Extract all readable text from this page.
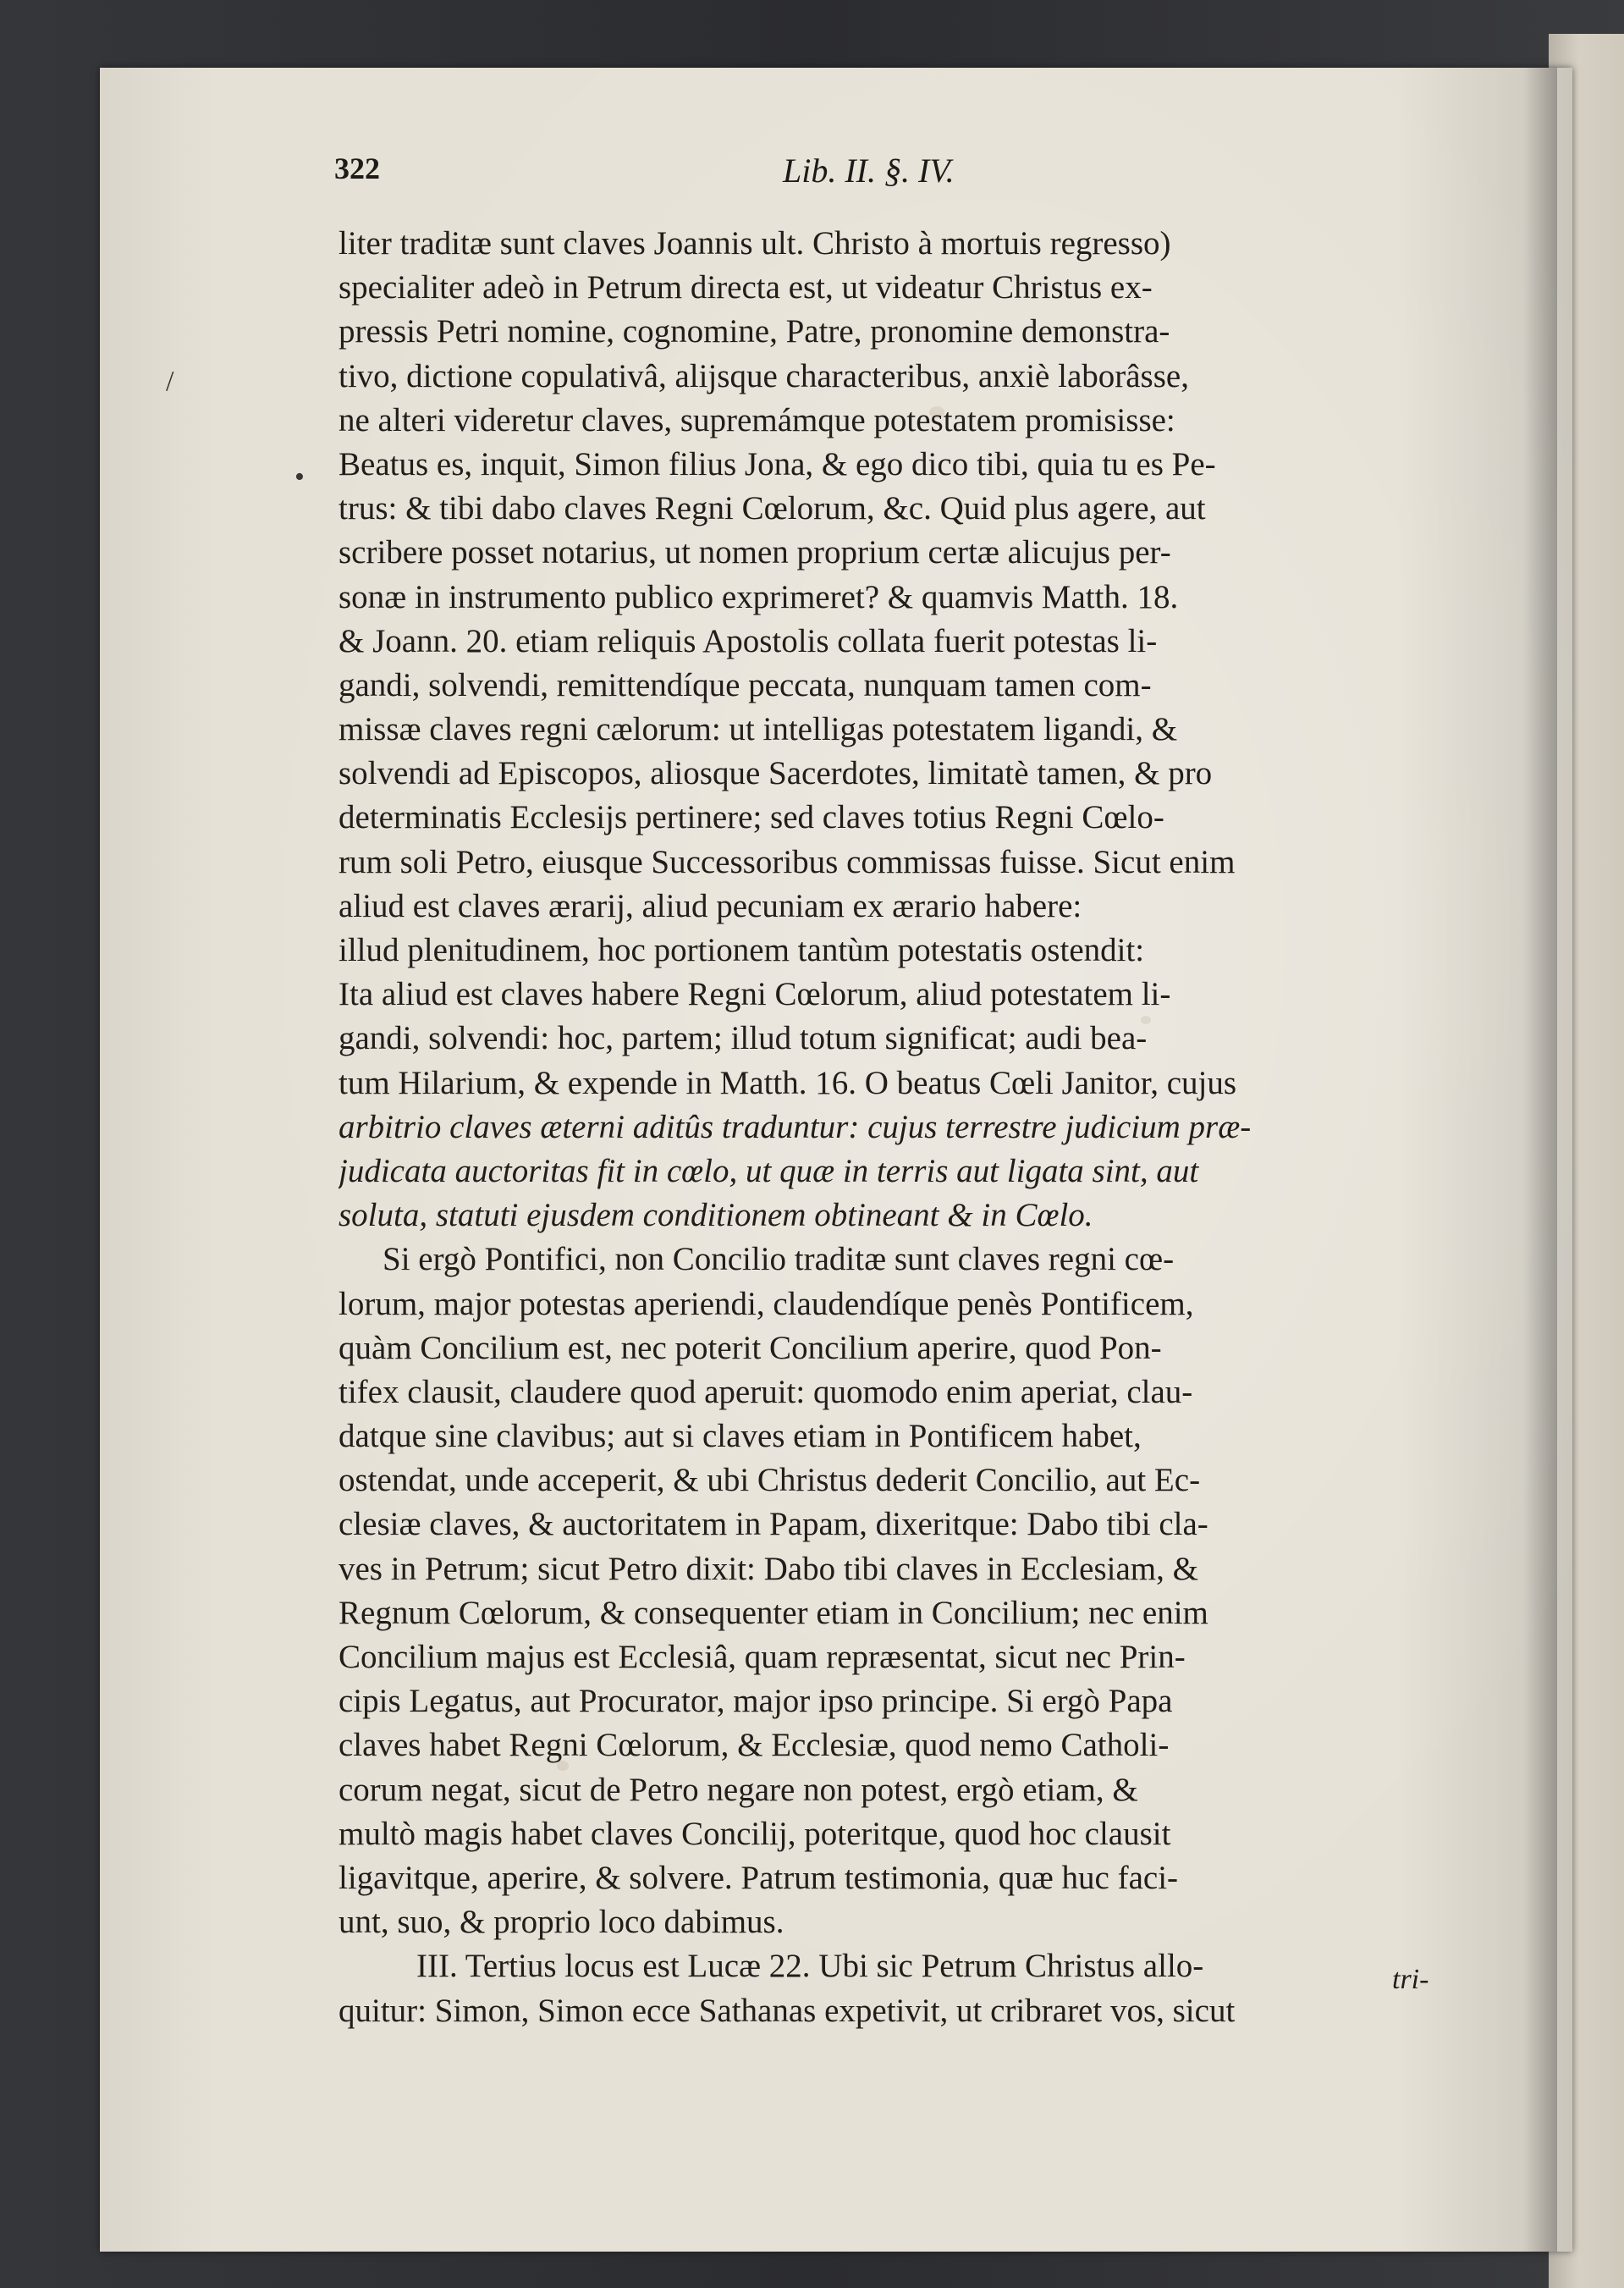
322	Lib. II. §. IV.
/
•
liter traditæ sunt claves Joannis ult. Christo à mortuis regresso)
specialiter adeò in Petrum directa est, ut videatur Christus ex-
pressis Petri nomine, cognomine, Patre, pronomine demonstra-
tivo, dictione copulativâ, alijsque characteribus, anxiè laborâsse,
ne alteri videretur claves, supremámque potestatem promisisse:
Beatus es, inquit, Simon filius Jona, & ego dico tibi, quia tu es Pe-
trus: & tibi dabo claves Regni Cœlorum, &c. Quid plus agere, aut
scribere posset notarius, ut nomen proprium certæ alicujus per-
sonæ in instrumento publico exprimeret? & quamvis Matth. 18.
& Joann. 20. etiam reliquis Apostolis collata fuerit potestas li-
gandi, solvendi, remittendíque peccata, nunquam tamen com-
missæ claves regni cælorum: ut intelligas potestatem ligandi, &
solvendi ad Episcopos, aliosque Sacerdotes, limitatè tamen, & pro
determinatis Ecclesijs pertinere; sed claves totius Regni Cœlo-
rum soli Petro, eiusque Successoribus commissas fuisse. Sicut enim
aliud est claves ærarij, aliud pecuniam ex ærario habere:
illud plenitudinem, hoc portionem tantùm potestatis ostendit:
Ita aliud est claves habere Regni Cœlorum, aliud potestatem li-
gandi, solvendi: hoc, partem; illud totum significat; audi bea-
tum Hilarium, & expende in Matth. 16. O beatus Cœli Janitor, cujus
arbitrio claves æterni aditûs traduntur: cujus terrestre judicium præ-
judicata auctoritas fit in cœlo, ut quæ in terris aut ligata sint, aut
soluta, statuti ejusdem conditionem obtineant & in Cœlo.
Si ergò Pontifici, non Concilio traditæ sunt claves regni cœ-
lorum, major potestas aperiendi, claudendíque penès Pontificem,
quàm Concilium est, nec poterit Concilium aperire, quod Pon-
tifex clausit, claudere quod aperuit: quomodo enim aperiat, clau-
datque sine clavibus; aut si claves etiam in Pontificem habet,
ostendat, unde acceperit, & ubi Christus dederit Concilio, aut Ec-
clesiæ claves, & auctoritatem in Papam, dixeritque: Dabo tibi cla-
ves in Petrum; sicut Petro dixit: Dabo tibi claves in Ecclesiam, &
Regnum Cœlorum, & consequenter etiam in Concilium; nec enim
Concilium majus est Ecclesiâ, quam repræsentat, sicut nec Prin-
cipis Legatus, aut Procurator, major ipso principe. Si ergò Papa
claves habet Regni Cœlorum, & Ecclesiæ, quod nemo Catholi-
corum negat, sicut de Petro negare non potest, ergò etiam, &
multò magis habet claves Concilij, poteritque, quod hoc clausit
ligavitque, aperire, & solvere. Patrum testimonia, quæ huc faci-
unt, suo, & proprio loco dabimus.
III. Tertius locus est Lucæ 22. Ubi sic Petrum Christus allo-
quitur: Simon, Simon ecce Sathanas expetivit, ut cribraret vos, sicut
tri-
